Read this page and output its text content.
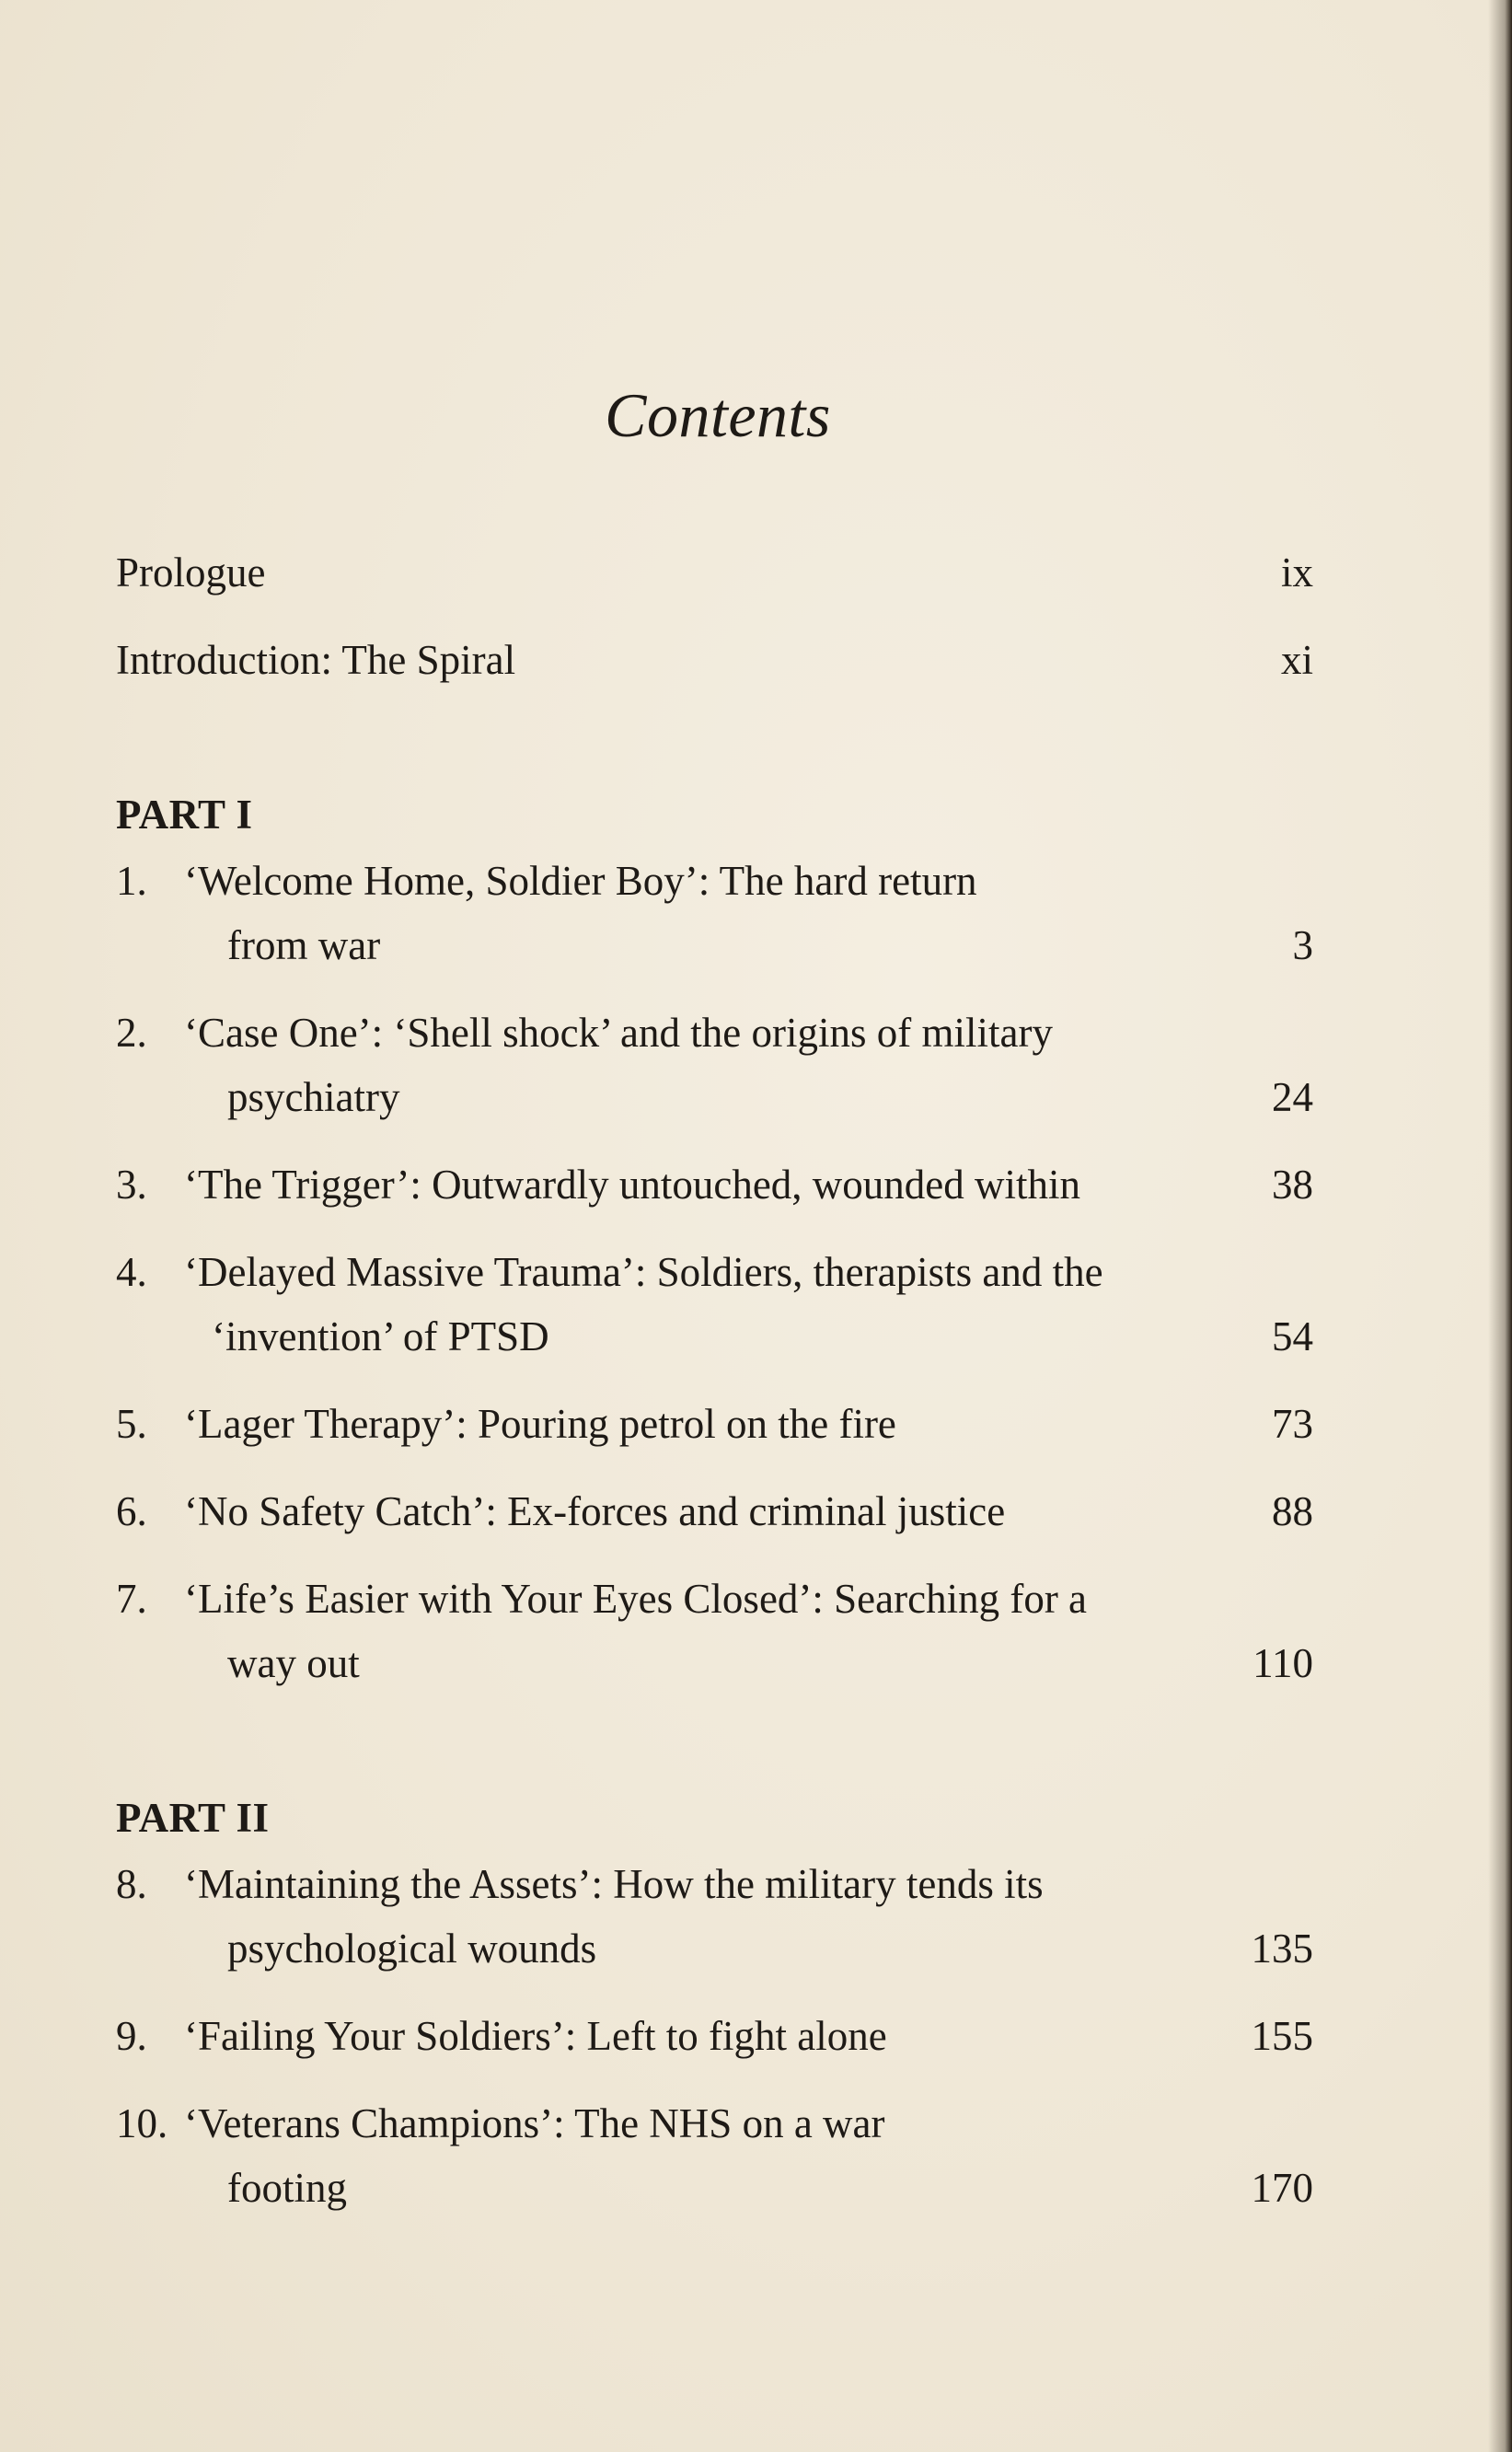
Contents
Prologue	ix
Introduction: The Spiral	xi
PART I
1. ‘Welcome Home, Soldier Boy’: The hard return
from war	3
2. ‘Case One’: ‘Shell shock’ and the origins of military
psychiatry	24
3. ‘The Trigger’: Outwardly untouched, wounded within	38
4. ‘Delayed Massive Trauma’: Soldiers, therapists and the
‘invention’ of PTSD	54
5. ‘Lager Therapy’: Pouring petrol on the fire	73
6. ‘No Safety Catch’: Ex-forces and criminal justice	88
7. ‘Life’s Easier with Your Eyes Closed’: Searching for a
way out	110
PART II
8. ‘Maintaining the Assets’: How the military tends its
psychological wounds	135
9. ‘Failing Your Soldiers’: Left to fight alone	155
10. ‘Veterans Champions’: The NHS on a war
footing	170
